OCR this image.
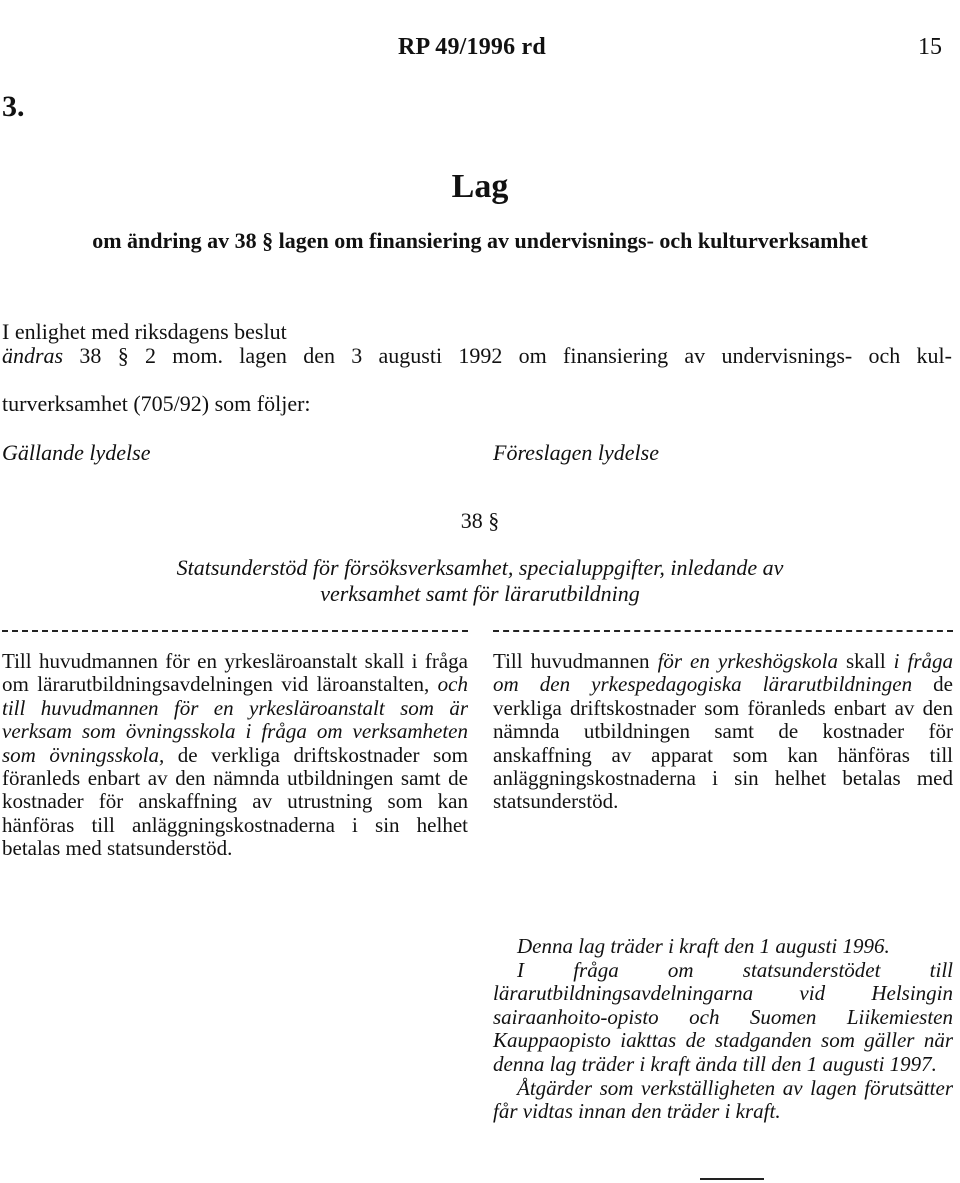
RP 49/1996 rd	15
3.
Lag
om ändring av 38 § lagen om finansiering av undervisnings- och kulturverksamhet

I enlighet med riksdagens beslut

ändras 38 § 2 mom. lagen den 3 augusti 1992 om finansiering av undervisnings- och kul-

turverksamhet (705/92) som följer:

Gällande lydelse	Föreslagen lydelse
38 §
Statsunderstöd för försöksverksamhet, specialuppgifter, inledande av verksamhet samt för lärarutbildning
Till huvudmannen för en yrkesläroanstalt skall i fråga om lärarutbildningsavdelningen vid läroanstalten, och till huvudmannen för en yrkesläroanstalt som är verksam som övningsskola i fråga om verksamheten som övningsskola, de verkliga driftskostnader som föranleds enbart av den nämnda utbildningen samt de kostnader för anskaffning av utrustning som kan hänföras till anläggningskostnaderna i sin helhet betalas med statsunderstöd.
Till huvudmannen för en yrkeshögskola skall i fråga om den yrkespedagogiska lärarutbildningen de verkliga driftskostnader som föranleds enbart av den nämnda utbildningen samt de kostnader för anskaffning av apparat som kan hänföras till anläggningskostnaderna i sin helhet betalas med statsunderstöd.

Denna lag träder i kraft den 1 augusti 1996.

I fråga om statsunderstödet till lärarutbildningsavdelningarna vid Helsingin sairaanhoito-opisto och Suomen Liikemiesten Kauppaopisto iakttas de stadganden som gäller när denna lag träder i kraft ända till den 1 augusti 1997.

Åtgärder som verkställigheten av lagen förutsätter får vidtas innan den träder i kraft.
